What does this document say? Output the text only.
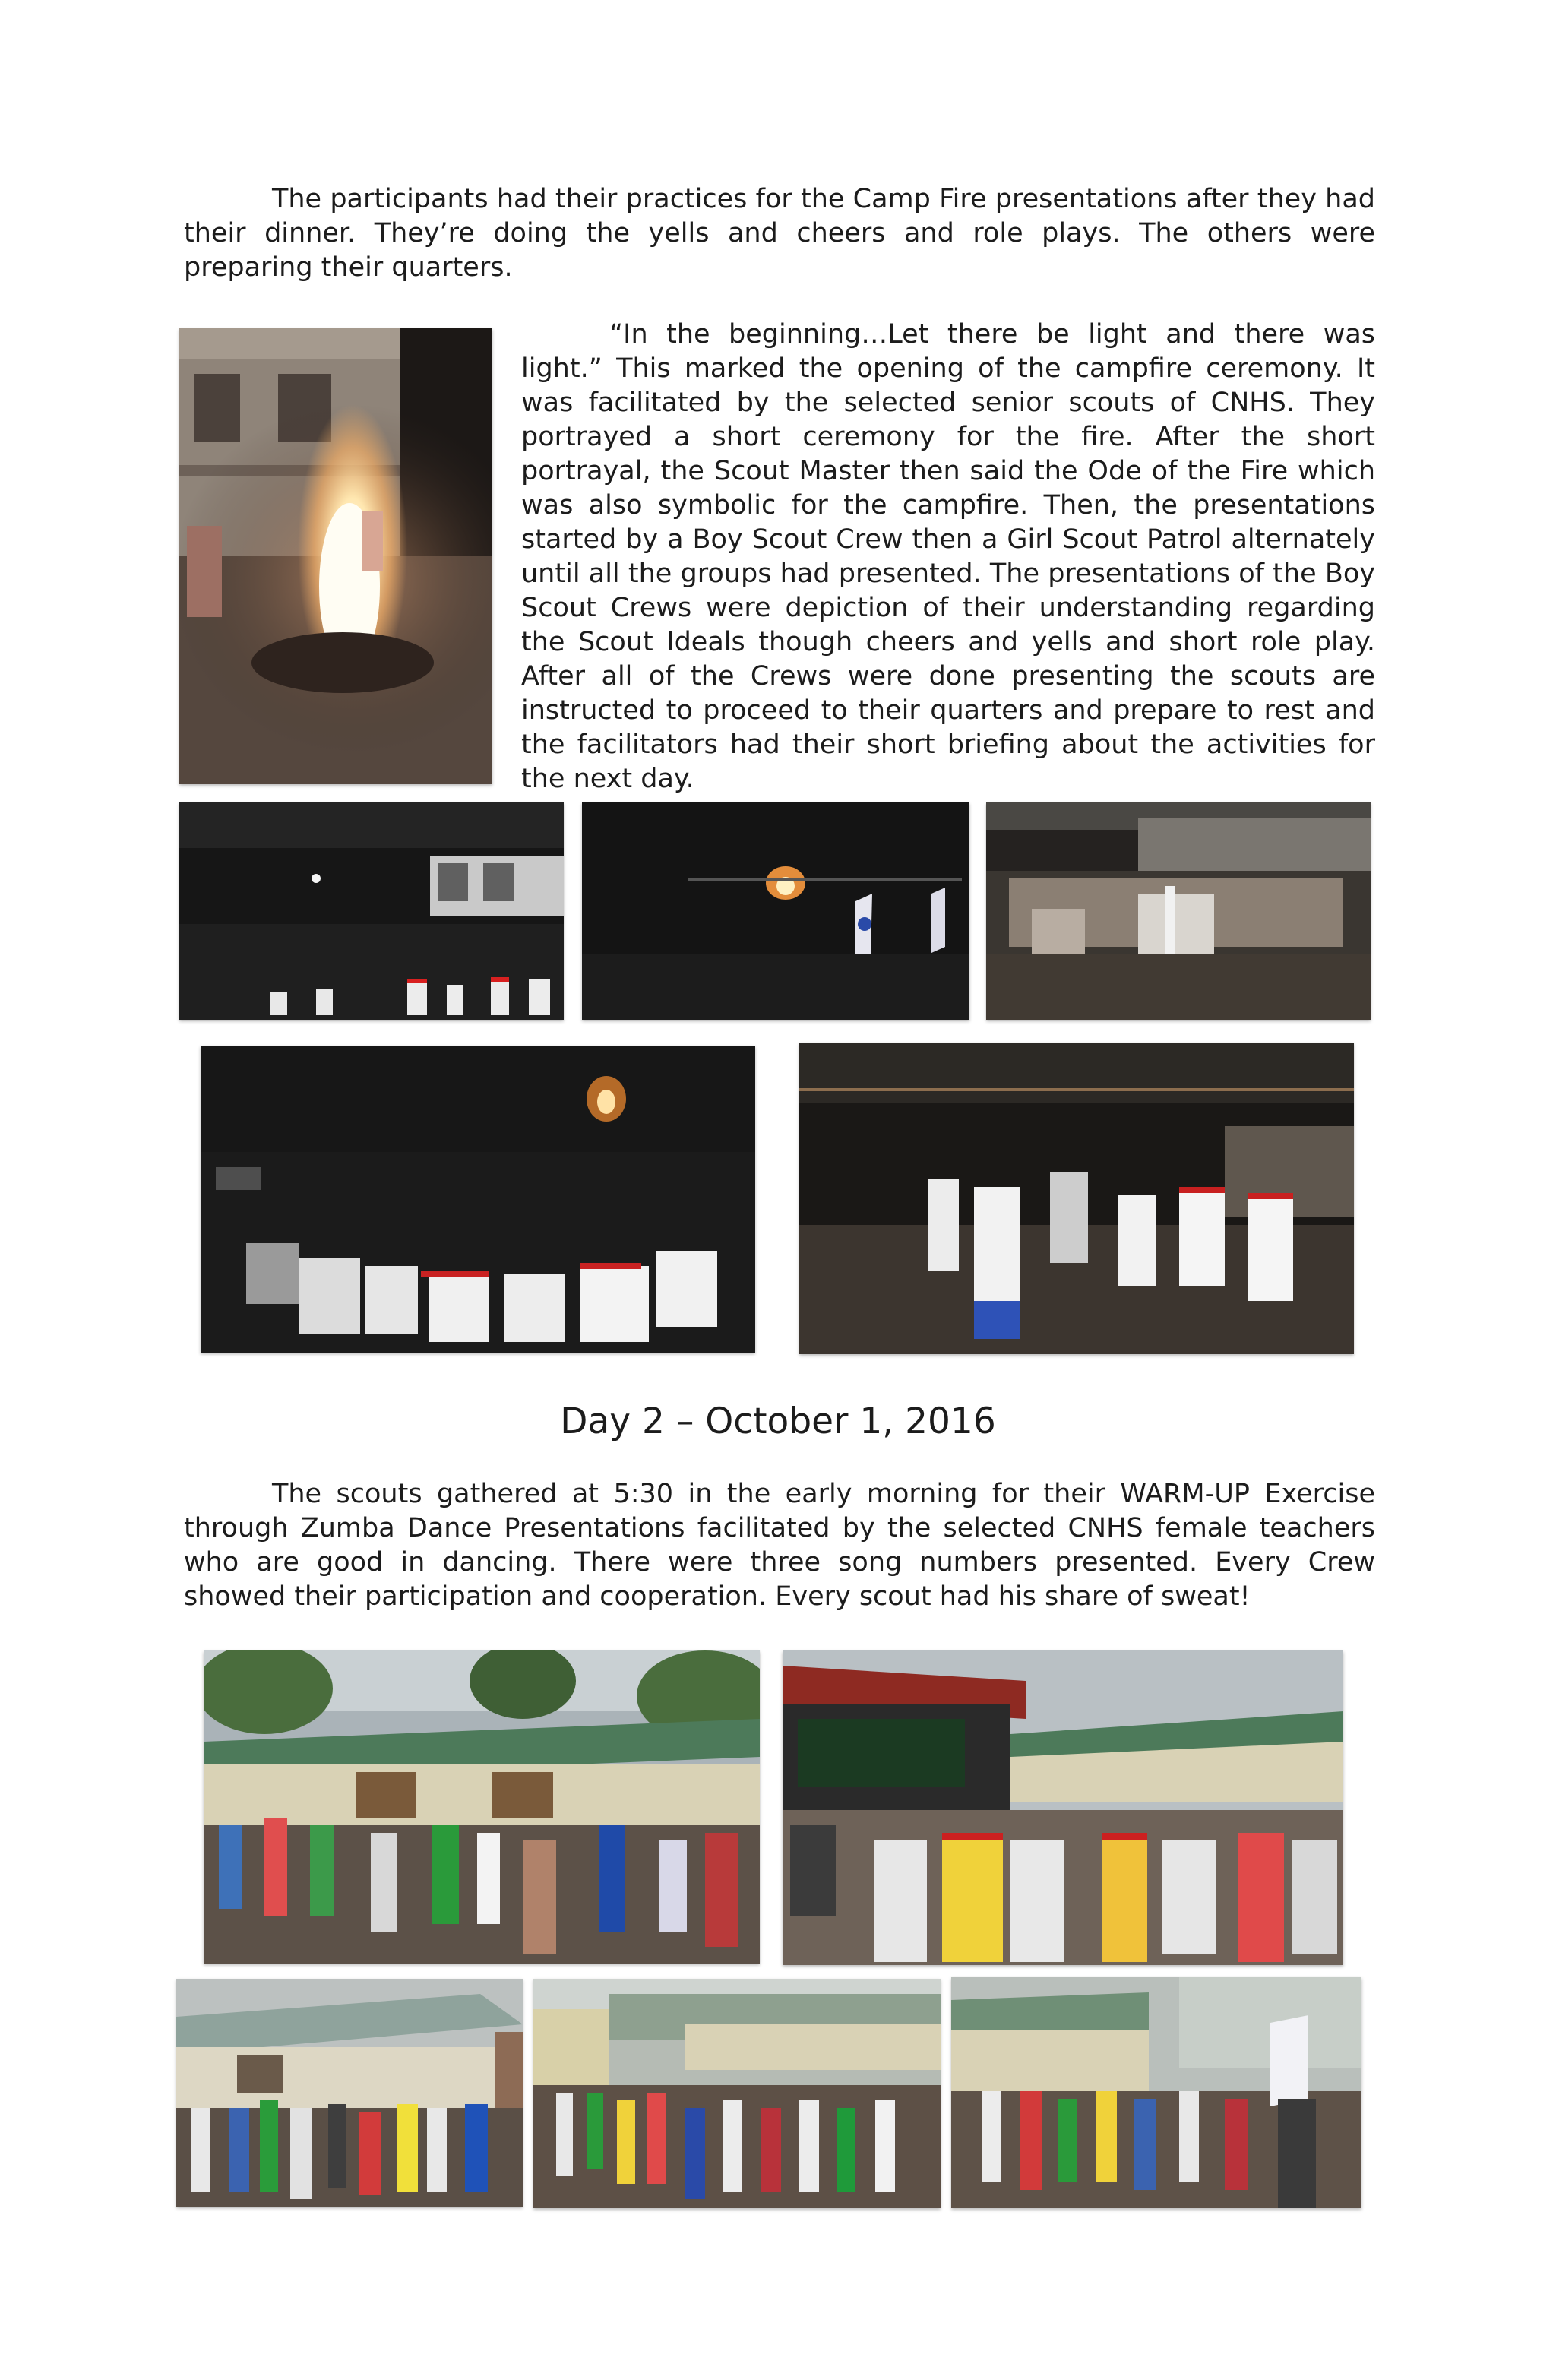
The participants had their practices for the Camp Fire presentations after they had their dinner. They’re doing the yells and cheers and role plays. The others were preparing their quarters.

“In the beginning…Let there be light and there was light.” This marked the opening of the campfire ceremony. It was facilitated by the selected senior scouts of CNHS. They portrayed a short ceremony for the fire. After the short portrayal, the Scout Master then said the Ode of the Fire which was also symbolic for the campfire. Then, the presentations started by a Boy Scout Crew then a Girl Scout Patrol alternately until all the groups had presented. The presentations of the Boy Scout Crews were depiction of their understanding regarding the Scout Ideals though cheers and yells and short role play. After all of the Crews were done presenting the scouts are instructed to proceed to their quarters and prepare to rest and the facilitators had their short briefing about the activities for the next day.

Day 2 – October 1, 2016

The scouts gathered at 5:30 in the early morning for their WARM-UP Exercise through Zumba Dance Presentations facilitated by the selected CNHS female teachers who are good in dancing. There were three song numbers presented. Every Crew showed their participation and cooperation. Every scout had his share of sweat!
